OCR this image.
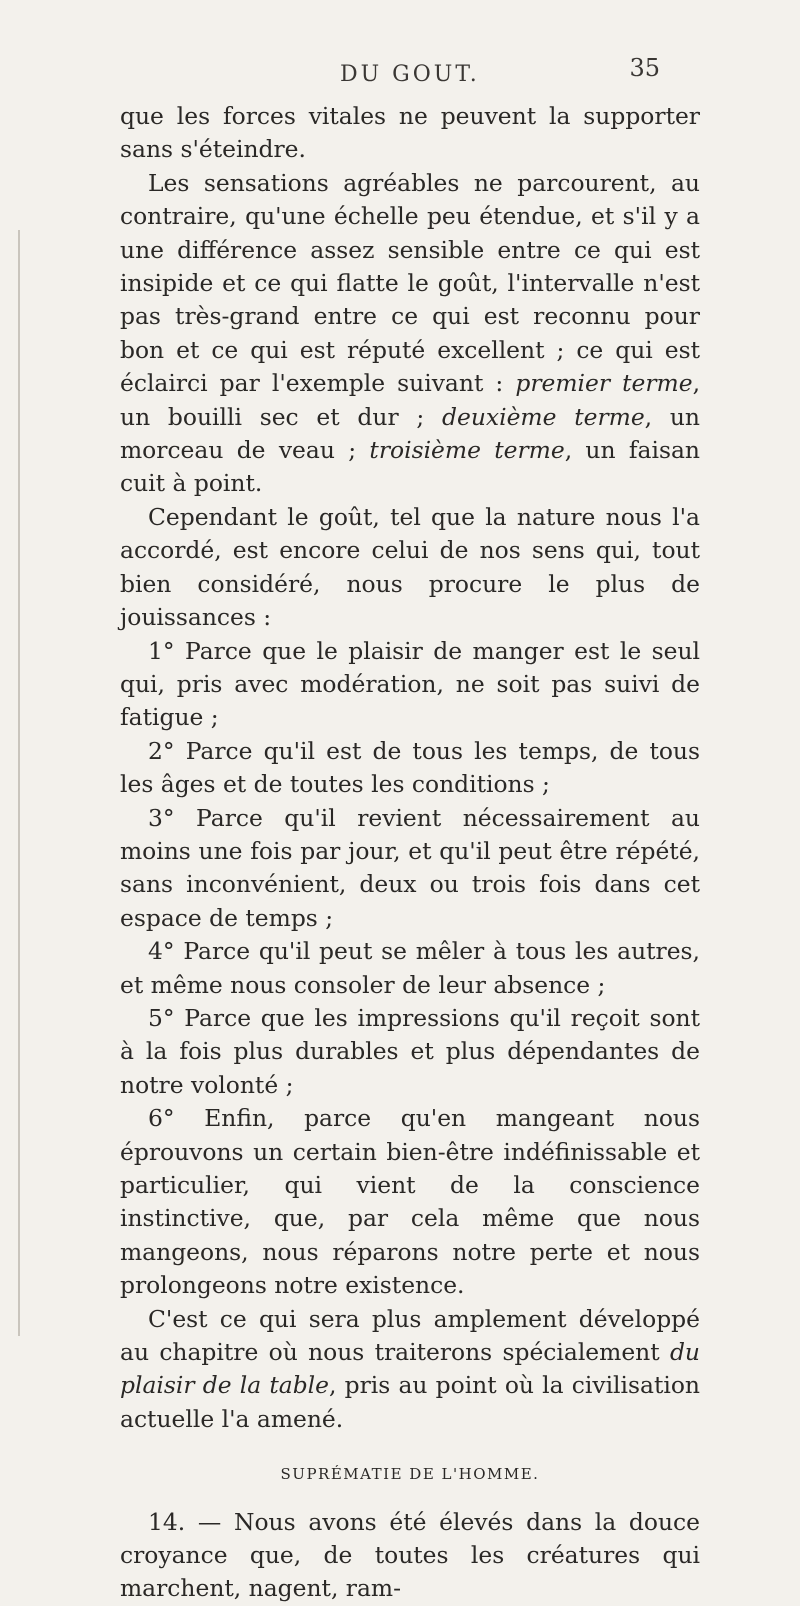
DU GOUT.	35

que les forces vitales ne peuvent la supporter sans s'éteindre.

Les sensations agréables ne parcourent, au contraire, qu'une échelle peu étendue, et s'il y a une différence assez sensible entre ce qui est insipide et ce qui flatte le goût, l'intervalle n'est pas très-grand entre ce qui est reconnu pour bon et ce qui est réputé excellent ; ce qui est éclairci par l'exemple suivant : premier terme, un bouilli sec et dur ; deuxième terme, un morceau de veau ; troisième terme, un faisan cuit à point.

Cependant le goût, tel que la nature nous l'a accordé, est encore celui de nos sens qui, tout bien considéré, nous procure le plus de jouissances :

1° Parce que le plaisir de manger est le seul qui, pris avec modération, ne soit pas suivi de fatigue ;

2° Parce qu'il est de tous les temps, de tous les âges et de toutes les conditions ;

3° Parce qu'il revient nécessairement au moins une fois par jour, et qu'il peut être répété, sans inconvénient, deux ou trois fois dans cet espace de temps ;

4° Parce qu'il peut se mêler à tous les autres, et même nous consoler de leur absence ;

5° Parce que les impressions qu'il reçoit sont à la fois plus durables et plus dépendantes de notre volonté ;

6° Enfin, parce qu'en mangeant nous éprouvons un certain bien-être indéfinissable et particulier, qui vient de la conscience instinctive, que, par cela même que nous mangeons, nous réparons notre perte et nous prolongeons notre existence.

C'est ce qui sera plus amplement développé au chapitre où nous traiterons spécialement du plaisir de la table, pris au point où la civilisation actuelle l'a amené.

SUPRÉMATIE DE L'HOMME.

14. — Nous avons été élevés dans la douce croyance que, de toutes les créatures qui marchent, nagent, ram-
